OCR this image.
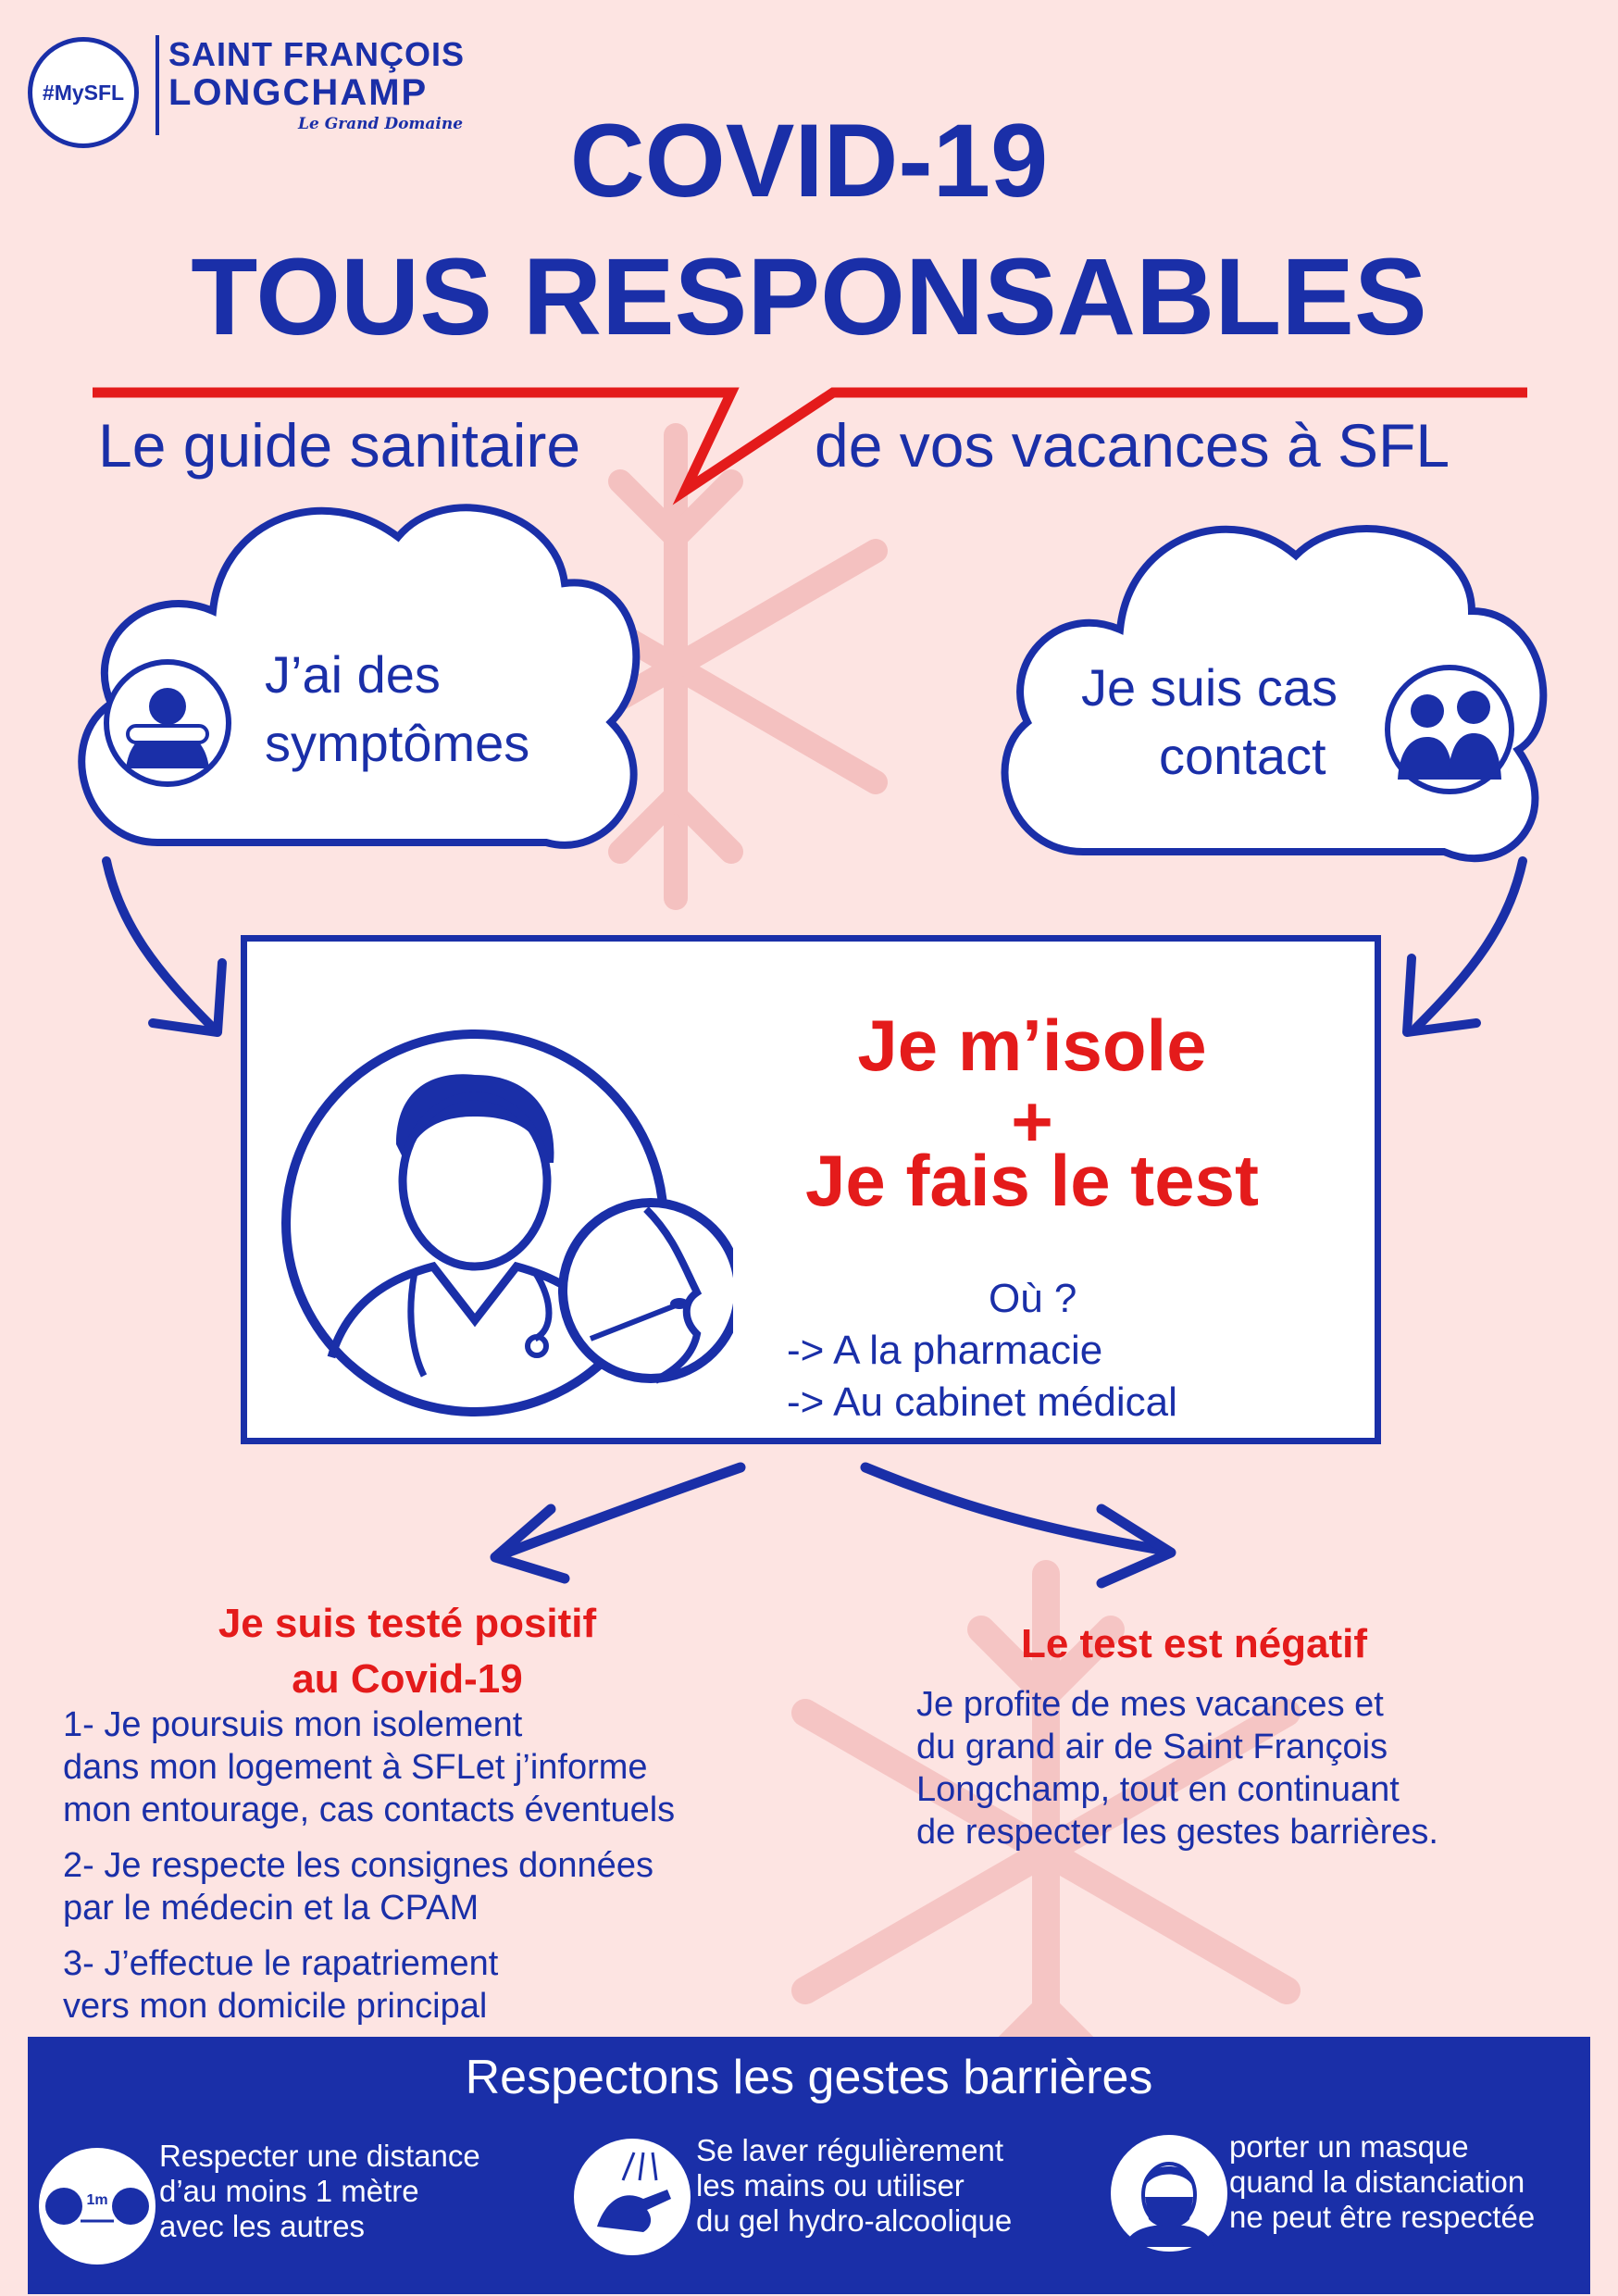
#MySFL
SAINT FRANÇOIS
LONGCHAMP
Le Grand Domaine	COVID-19
TOUS RESPONSABLES
Le guide sanitaire	de vos vacances à SFL
J’ai des
symptômes
Je suis cas
contact
Je m’isole
+
Je fais le test
Où ?
-> A la pharmacie
-> Au cabinet médical
Je suis testé positif
au Covid-19
1- Je poursuis mon isolement
dans mon logement à SFLet j’informe
mon entourage, cas contacts éventuels
2- Je respecte les consignes données
par le médecin et la CPAM
3- J’effectue le rapatriement
vers mon domicile principal
Le test est négatif
Je profite de mes vacances et
du grand air de Saint François
Longchamp, tout en continuant
de respecter les gestes barrières.
Respectons les gestes barrières
1m
Respecter une distance
d’au moins 1 mètre
avec les autres
Se laver régulièrement
les mains ou utiliser
du gel hydro-alcoolique
porter un masque
quand la distanciation
ne peut être respectée
